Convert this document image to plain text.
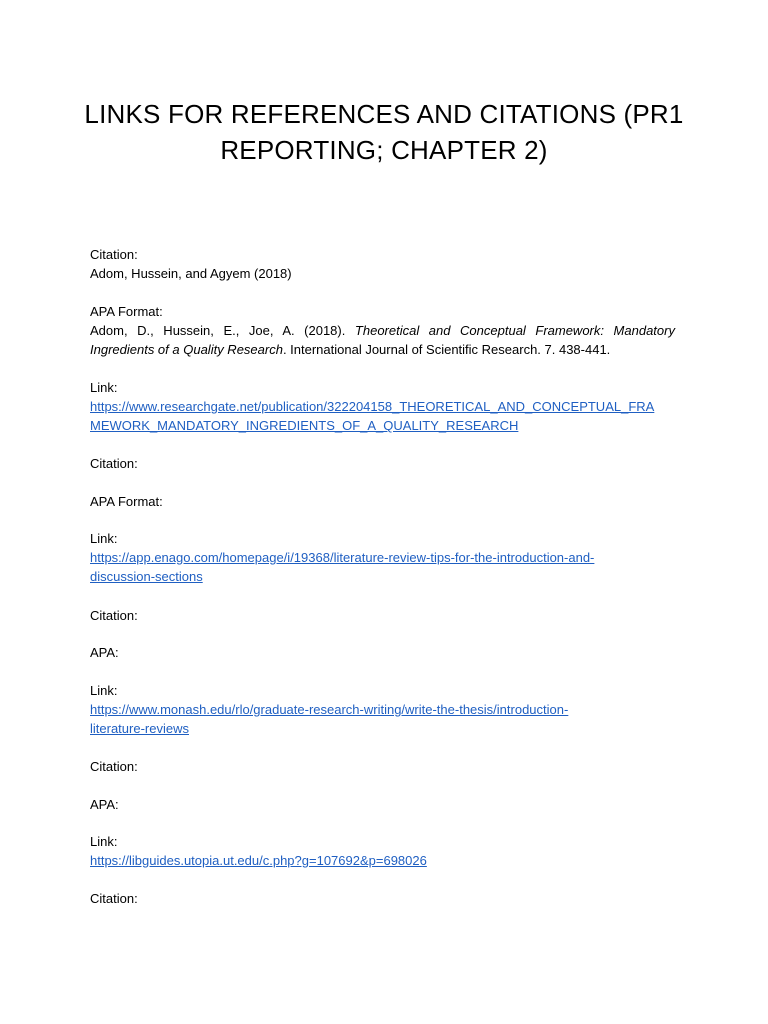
LINKS FOR REFERENCES AND CITATIONS (PR1
REPORTING; CHAPTER 2)
Citation:
Adom, Hussein, and Agyem (2018)
APA Format:
Adom, D., Hussein, E., Joe, A. (2018). Theoretical and Conceptual Framework: Mandatory Ingredients of a Quality Research. International Journal of Scientific Research. 7. 438-441.
Link:
https://www.researchgate.net/publication/322204158_THEORETICAL_AND_CONCEPTUAL_FRA
MEWORK_MANDATORY_INGREDIENTS_OF_A_QUALITY_RESEARCH
Citation:
APA Format:
Link:
https://app.enago.com/homepage/i/19368/literature-review-tips-for-the-introduction-and-
discussion-sections
Citation:
APA:
Link:
https://www.monash.edu/rlo/graduate-research-writing/write-the-thesis/introduction-
literature-reviews
Citation:
APA:
Link:
https://libguides.utopia.ut.edu/c.php?g=107692&p=698026
Citation:
